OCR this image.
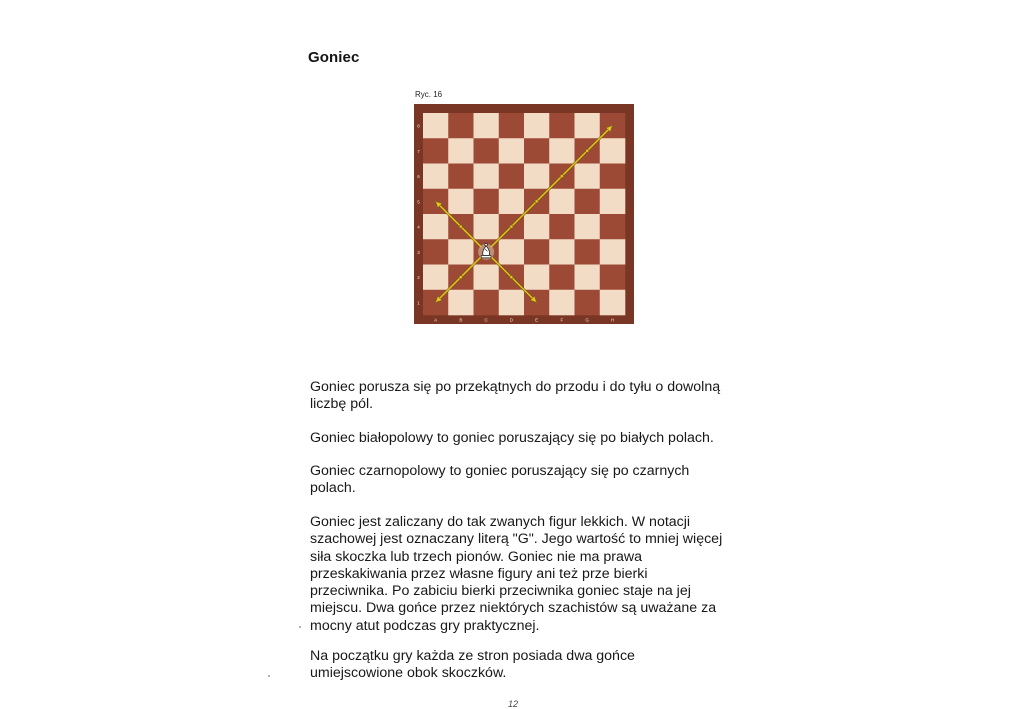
Goniec
Ryc. 16
8
7
6
5
4
3
2
1
A	B	C	D	E	F	G	H
Goniec porusza się po przekątnych do przodu i do tyłu o dowolną
liczbę pól.
Goniec białopolowy to goniec poruszający się po białych polach.
Goniec czarnopolowy to goniec poruszający się po czarnych
polach.
Goniec jest zaliczany do tak zwanych figur lekkich. W notacji
szachowej jest oznaczany literą "G". Jego wartość to mniej więcej
siła skoczka lub trzech pionów. Goniec nie ma prawa
przeskakiwania przez własne figury ani też prze bierki
przeciwnika. Po zabiciu bierki przeciwnika goniec staje na jej
miejscu. Dwa gońce przez niektórych szachistów są uważane za
mocny atut podczas gry praktycznej.
Na początku gry każda ze stron posiada dwa gońce
umiejscowione obok skoczków.
12
